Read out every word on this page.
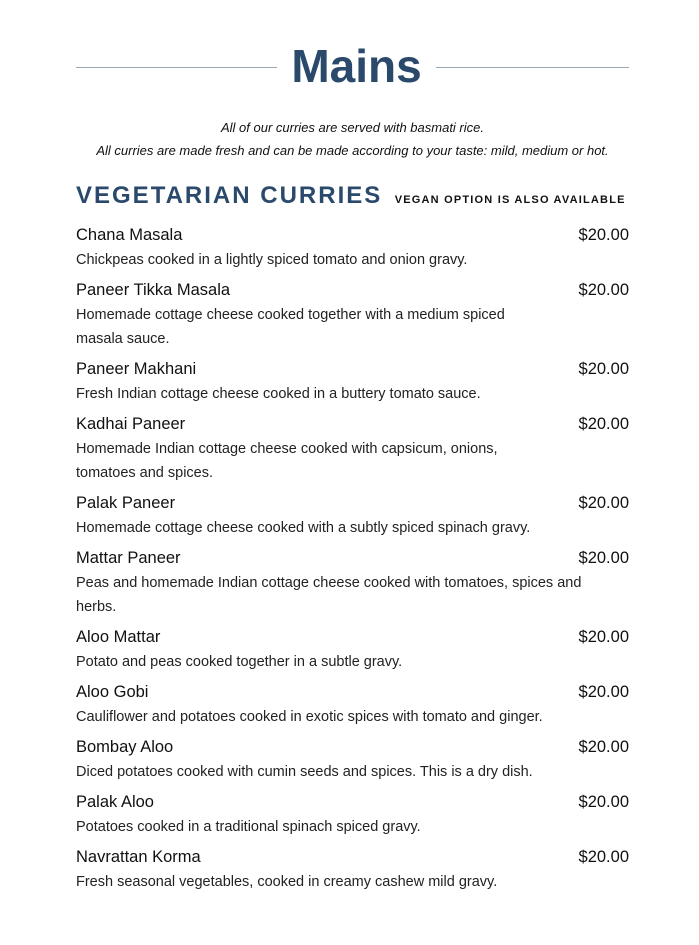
Mains
All of our curries are served with basmati rice.
All curries are made fresh and can be made according to your taste: mild, medium or hot.
VEGETARIAN CURRIES VEGAN OPTION IS ALSO AVAILABLE
Chana Masala	$20.00
Chickpeas cooked in a lightly spiced tomato and onion gravy.
Paneer Tikka Masala	$20.00
Homemade cottage cheese cooked together with a medium spiced masala sauce.
Paneer Makhani	$20.00
Fresh Indian cottage cheese cooked in a buttery tomato sauce.
Kadhai Paneer	$20.00
Homemade Indian cottage cheese cooked with capsicum, onions, tomatoes and spices.
Palak Paneer	$20.00
Homemade cottage cheese cooked with a subtly spiced spinach gravy.
Mattar Paneer	$20.00
Peas and homemade Indian cottage cheese cooked with tomatoes, spices and herbs.
Aloo Mattar	$20.00
Potato and peas cooked together in a subtle gravy.
Aloo Gobi	$20.00
Cauliflower and potatoes cooked in exotic spices with tomato and ginger.
Bombay Aloo	$20.00
Diced potatoes cooked with cumin seeds and spices. This is a dry dish.
Palak Aloo	$20.00
Potatoes cooked in a traditional spinach spiced gravy.
Navrattan Korma	$20.00
Fresh seasonal vegetables, cooked in creamy cashew mild gravy.
